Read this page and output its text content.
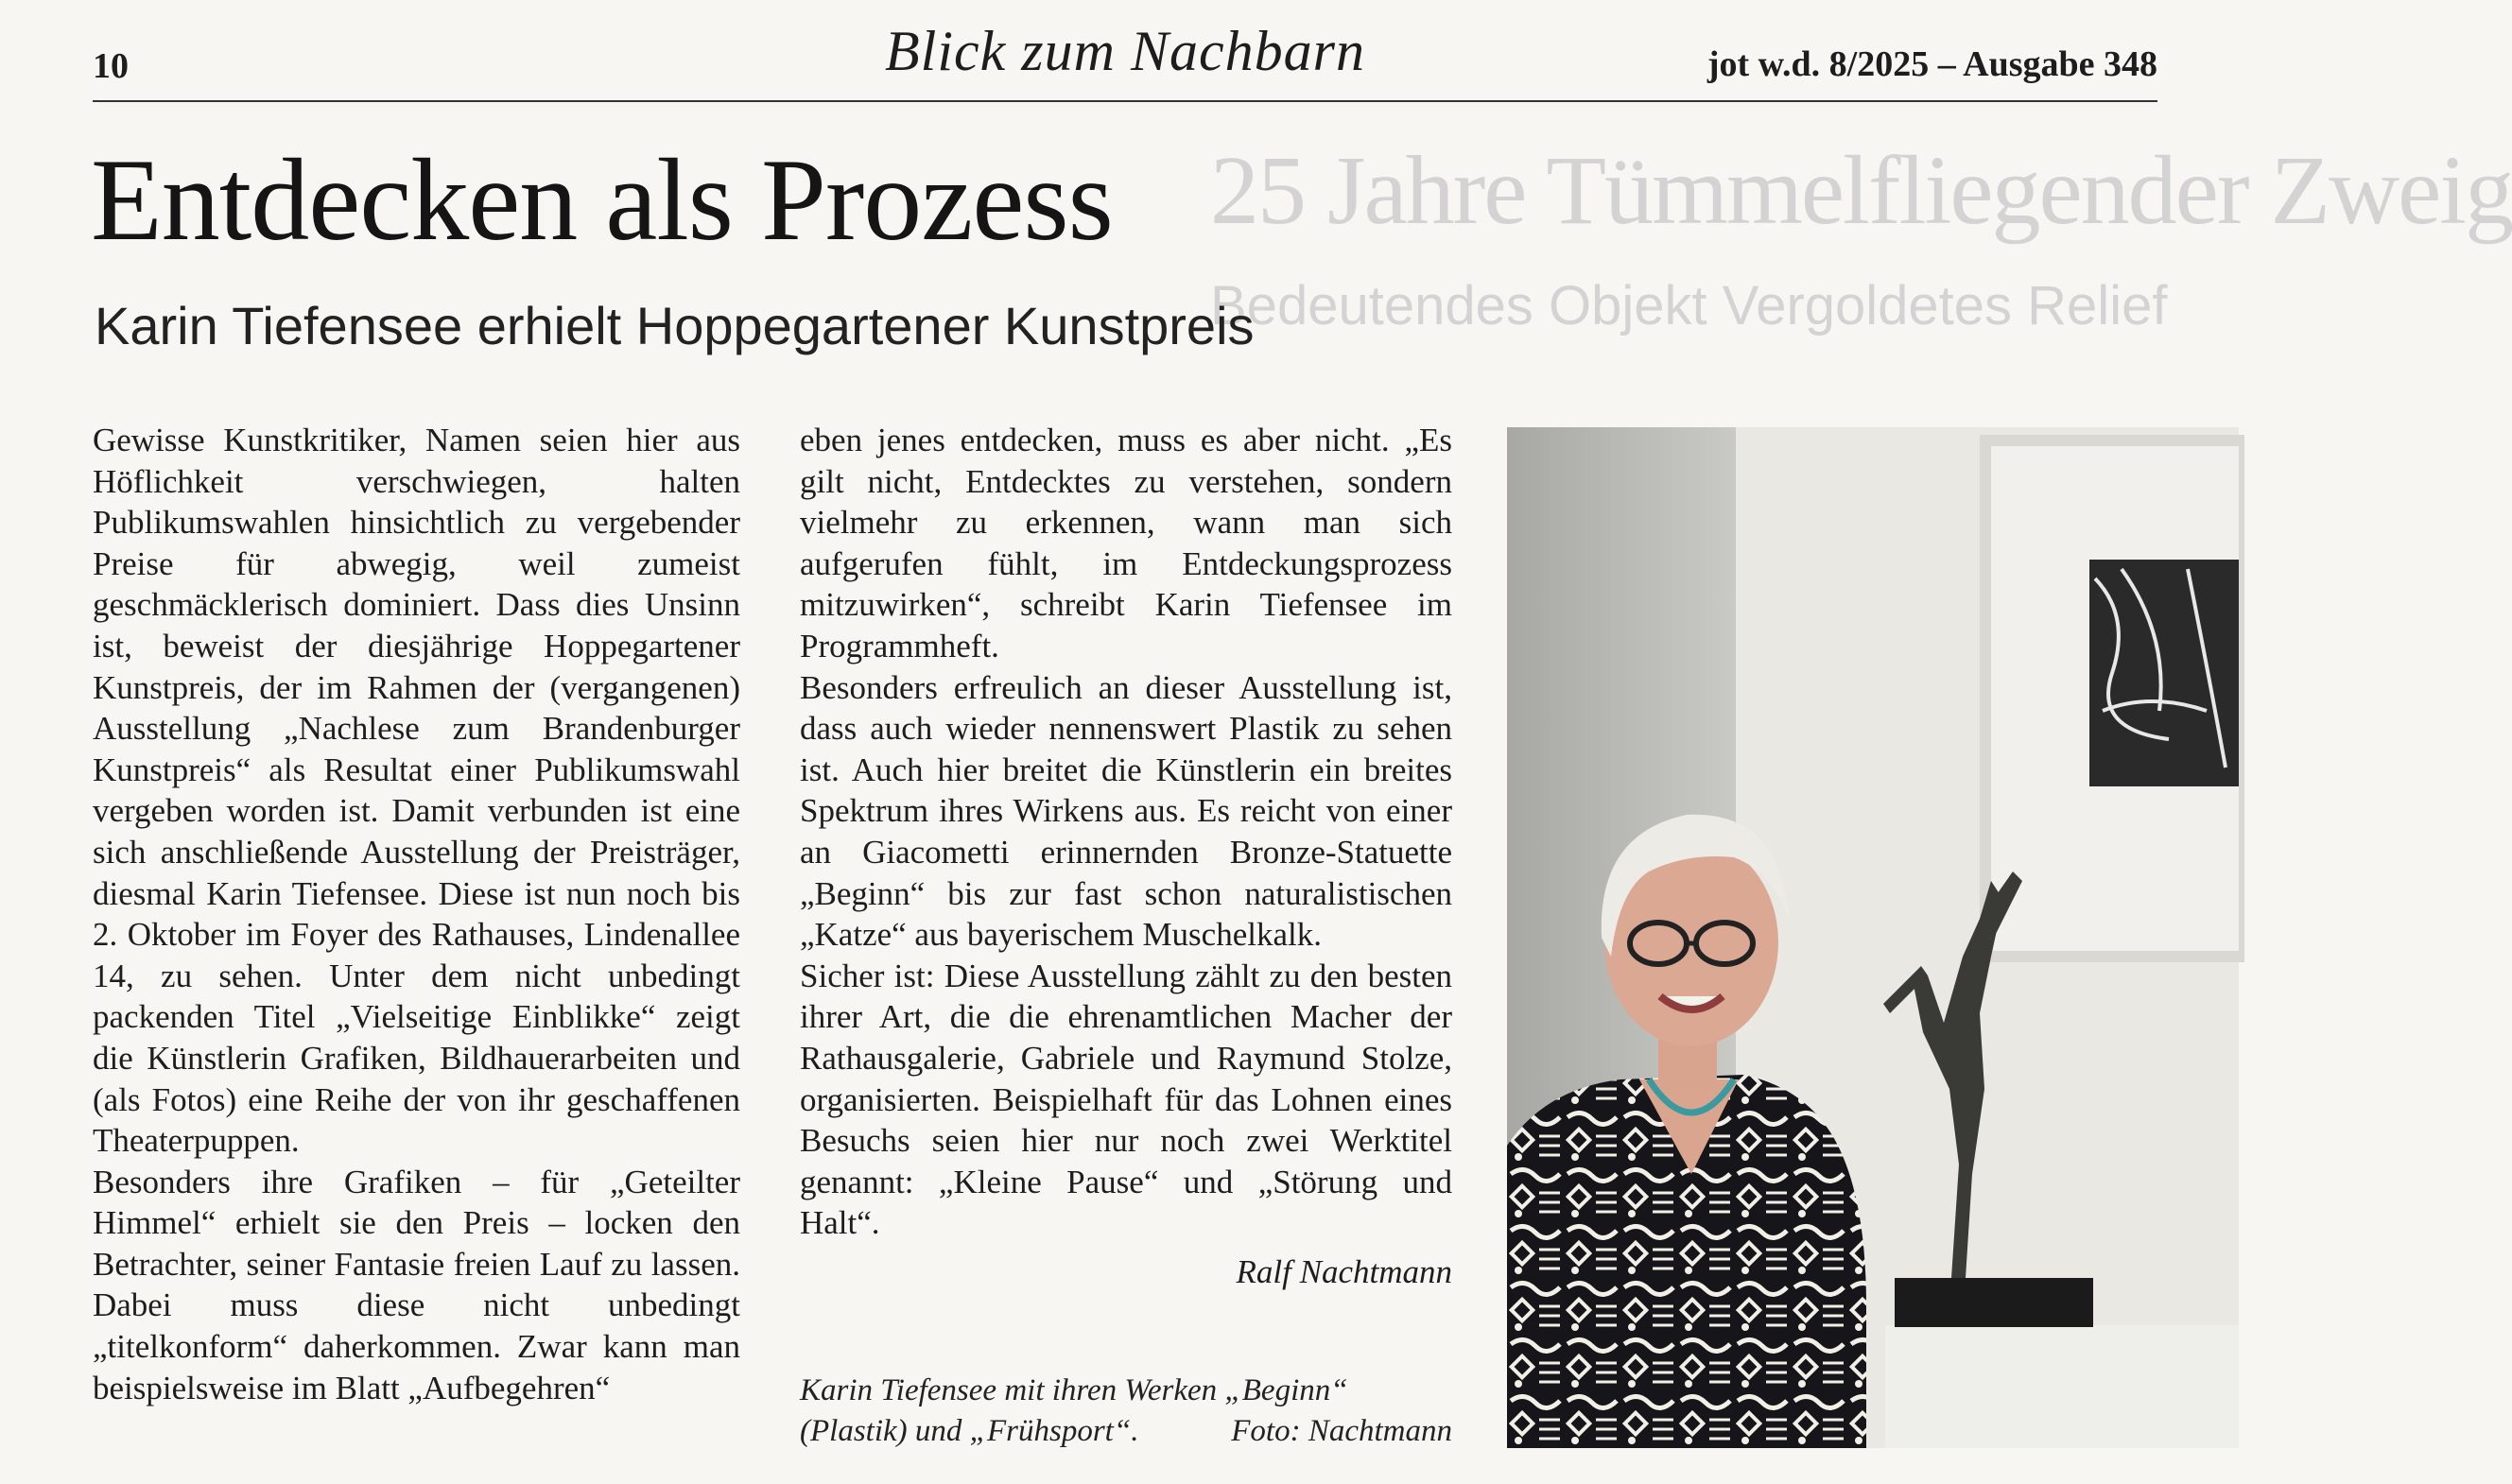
25 Jahre Tümmelfliegender Zweig
Bedeutendes Objekt Vergoldetes Relief
10	Blick zum Nachbarn	jot w.d. 8/2025 – Ausgabe 348
Entdecken als Prozess
Karin Tiefensee erhielt Hoppegartener Kunstpreis

Gewisse Kunstkritiker, Namen seien hier aus Höflichkeit verschwiegen, halten Publikumswahlen hinsichtlich zu vergebender Preise für abwegig, weil zumeist geschmäcklerisch dominiert. Dass dies Unsinn ist, beweist der diesjährige Hoppegartener Kunstpreis, der im Rahmen der (vergangenen) Ausstellung „Nachlese zum Brandenburger Kunstpreis“ als Resultat einer Publikumswahl vergeben worden ist. Damit verbunden ist eine sich anschließende Ausstellung der Preisträger, diesmal Karin Tiefensee. Diese ist nun noch bis 2. Oktober im Foyer des Rathauses, Lindenallee 14, zu sehen. Unter dem nicht unbedingt packenden Titel „Vielseitige Einblikke“ zeigt die Künstlerin Grafiken, Bildhauerarbeiten und (als Fotos) eine Reihe der von ihr geschaffenen Theaterpuppen.

Besonders ihre Grafiken – für „Geteilter Himmel“ erhielt sie den Preis – locken den Betrachter, seiner Fantasie freien Lauf zu lassen. Dabei muss diese nicht unbedingt „titelkonform“ daherkommen. Zwar kann man beispielsweise im Blatt „Aufbegehren“

eben jenes entdecken, muss es aber nicht. „Es gilt nicht, Entdecktes zu verstehen, sondern vielmehr zu erkennen, wann man sich aufgerufen fühlt, im Entdeckungsprozess mitzuwirken“, schreibt Karin Tiefensee im Programmheft.

Besonders erfreulich an dieser Ausstellung ist, dass auch wieder nennenswert Plastik zu sehen ist. Auch hier breitet die Künstlerin ein breites Spektrum ihres Wirkens aus. Es reicht von einer an Giacometti erinnernden Bronze-Statuette „Beginn“ bis zur fast schon naturalistischen „Katze“ aus bayerischem Muschelkalk.

Sicher ist: Diese Ausstellung zählt zu den besten ihrer Art, die die ehrenamtlichen Macher der Rathausgalerie, Gabriele und Raymund Stolze, organisierten. Beispielhaft für das Lohnen eines Besuchs seien hier nur noch zwei Werktitel genannt: „Kleine Pause“ und „Störung und Halt“.

Ralf Nachtmann

Karin Tiefensee mit ihren Werken „Beginn“ (Plastik) und „Frühsport“.	Foto: Nachtmann
